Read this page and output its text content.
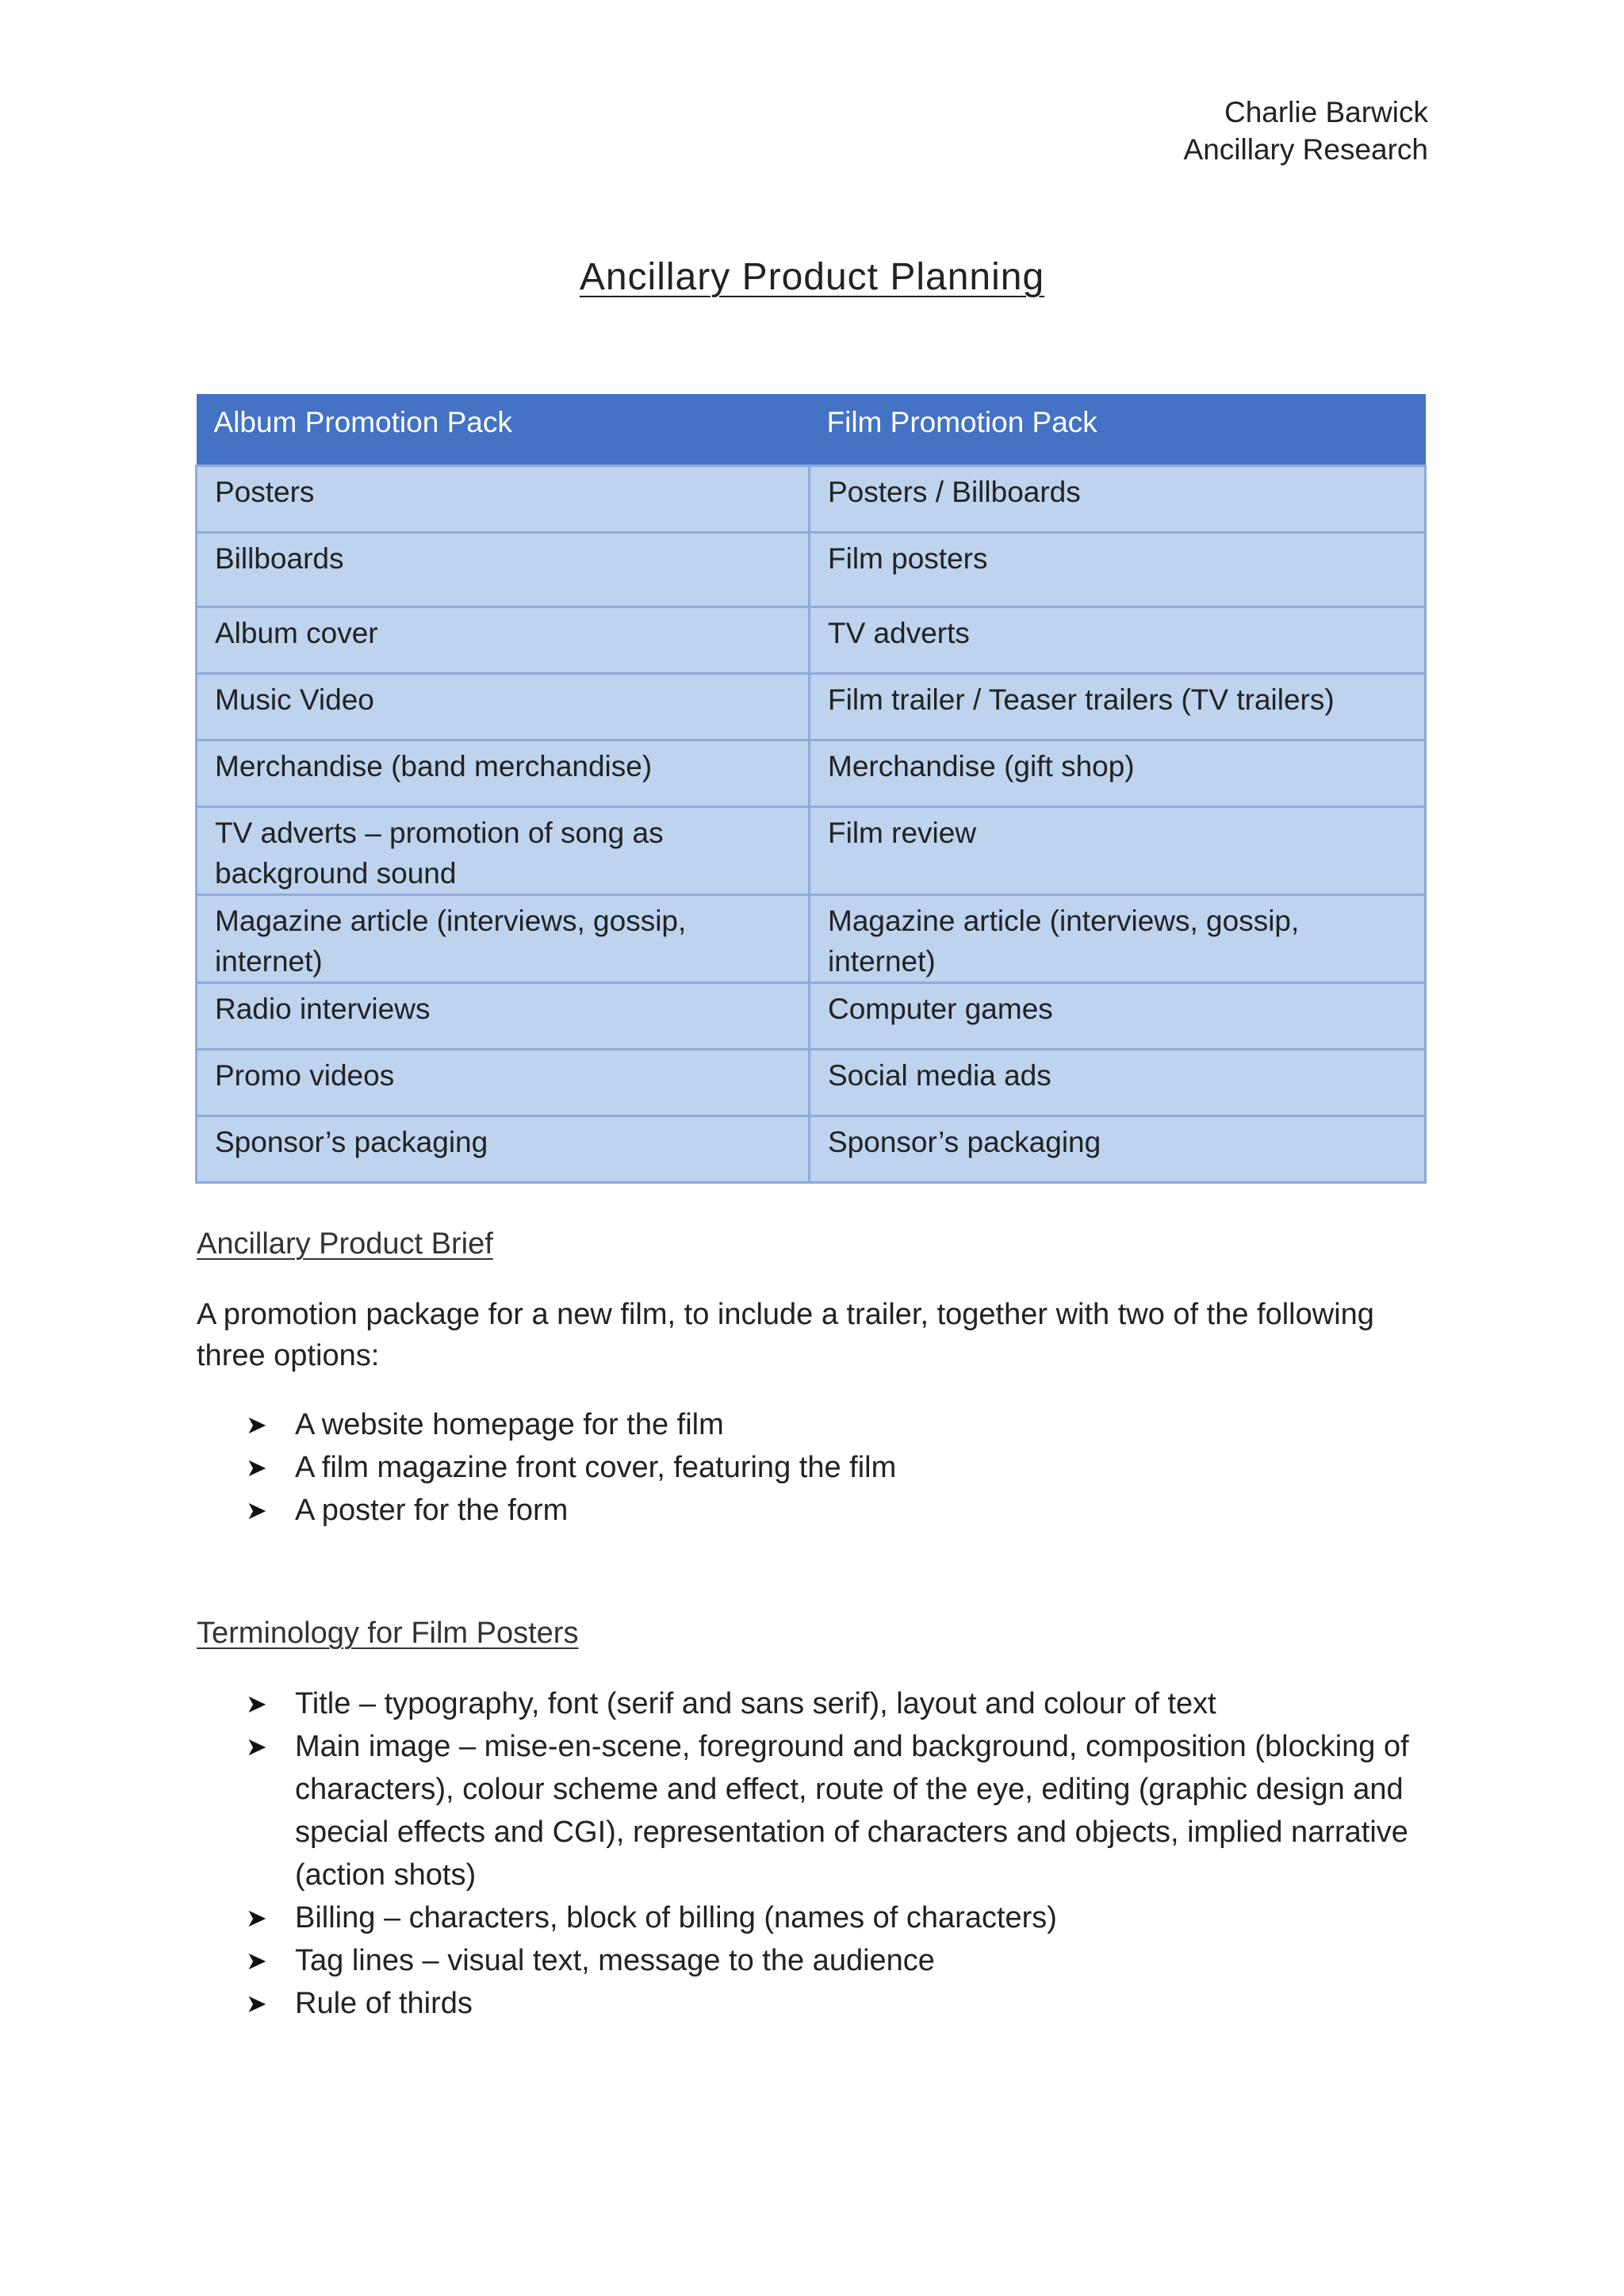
Charlie Barwick
Ancillary Research
Ancillary Product Planning
Album Promotion Pack	Film Promotion Pack
Posters	Posters / Billboards
Billboards	Film posters
Album cover	TV adverts
Music Video	Film trailer / Teaser trailers (TV trailers)
Merchandise (band merchandise)	Merchandise (gift shop)
TV adverts – promotion of song as background sound	Film review
Magazine article (interviews, gossip, internet)	Magazine article (interviews, gossip, internet)
Radio interviews	Computer games
Promo videos	Social media ads
Sponsor’s packaging	Sponsor’s packaging
Ancillary Product Brief
A promotion package for a new film, to include a trailer, together with two of the following three options:
➤ A website homepage for the film
➤ A film magazine front cover, featuring the film
➤ A poster for the form
Terminology for Film Posters
➤ Title – typography, font (serif and sans serif), layout and colour of text
➤ Main image – mise-en-scene, foreground and background, composition (blocking of characters), colour scheme and effect, route of the eye, editing (graphic design and special effects and CGI), representation of characters and objects, implied narrative (action shots)
➤ Billing – characters, block of billing (names of characters)
➤ Tag lines – visual text, message to the audience
➤ Rule of thirds
